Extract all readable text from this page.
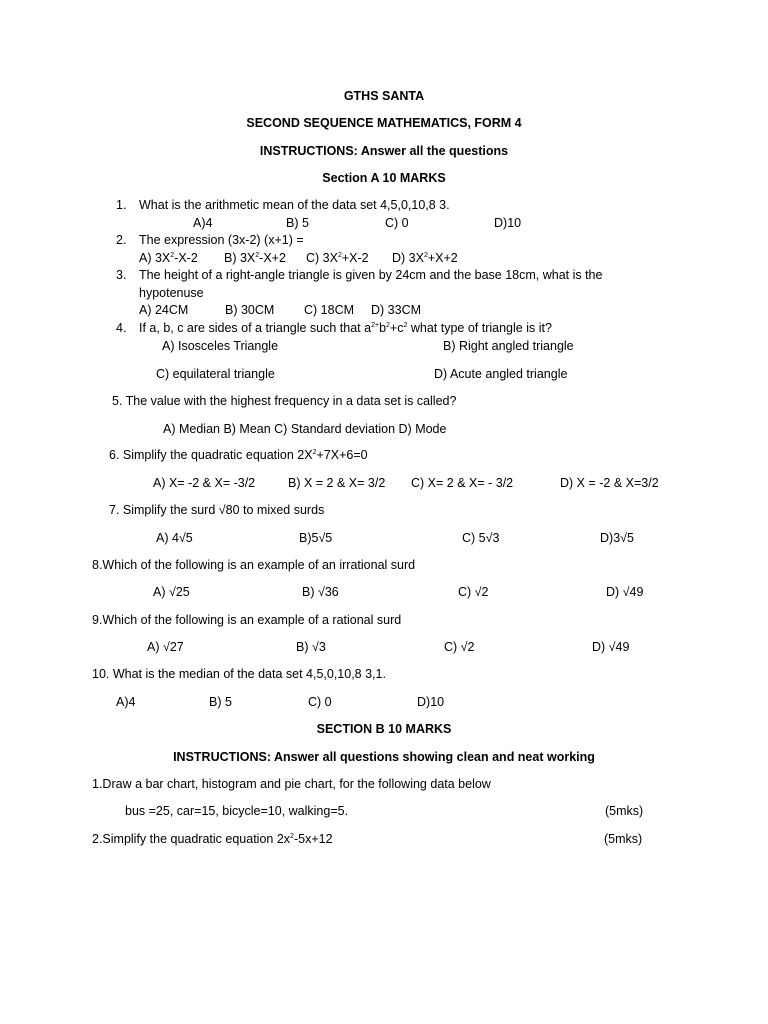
GTHS SANTA
SECOND SEQUENCE MATHEMATICS, FORM 4
INSTRUCTIONS: Answer all the questions
Section A 10 MARKS
1. What is the arithmetic mean of the data set 4,5,0,10,8 3.
A)4	B) 5	C) 0	D)10
2. The expression (3x-2) (x+1) =
A) $3X^2-X-2$ B) $3X^2-X+2$ C) $3X^2+X-2$ D) $3X^2+X+2$
3. The height of a right-angle triangle is given by 24cm and the base 18cm, what is the
hypotenuse
A) 24CM	B) 30CM C) 18CM D) 33CM
4. If a, b, c are sides of a triangle such that $a^{2+}b^2+c^2$ what type of triangle is it?
A) Isosceles Triangle	B) Right angled triangle
C) equilateral triangle	D) Acute angled triangle
5. The value with the highest frequency in a data set is called?
A) Median B) Mean C) Standard deviation D) Mode
6. Simplify the quadratic equation $2X^2+7X+6=0$
A) X= -2 & X= -3/2	B) X = 2 & X= 3/2 C) X= 2 & X= - 3/2	D) X = -2 & X=3/2
7. Simplify the surd √80 to mixed surds
A) 4√5	B)5√5	C) 5√3	D)3√5
8.Which of the following is an example of an irrational surd
A) √25	B) √36	C) √2	D) √49
9.Which of the following is an example of a rational surd
A) √27	B) √3	C) √2	D) √49
10. What is the median of the data set 4,5,0,10,8 3,1.
A)4	B) 5	C) 0	D)10
SECTION B 10 MARKS
INSTRUCTIONS: Answer all questions showing clean and neat working
1.Draw a bar chart, histogram and pie chart, for the following data below
bus =25, car=15, bicycle=10, walking=5.	(5mks)
2.Simplify the quadratic equation $2x^2-5x+12$	(5mks)
